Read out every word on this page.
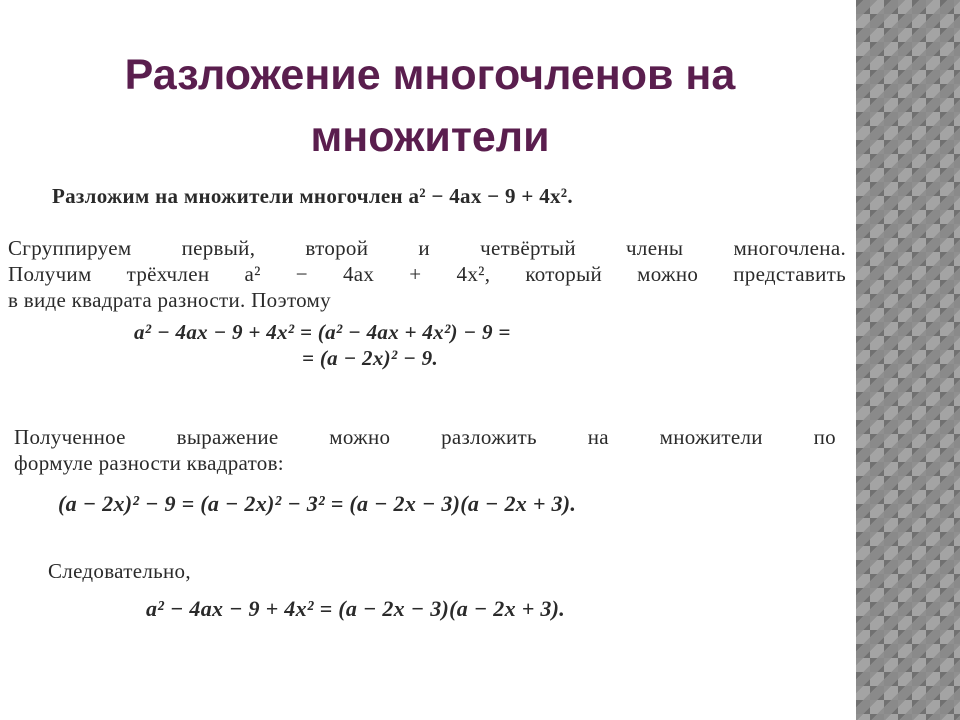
Разложение многочленов на
множители
Разложим на множители многочлен a² − 4ax − 9 + 4x².
Сгруппируем первый, второй и четвёртый члены многочлена.
Получим трёхчлен a² − 4ax + 4x², который можно представить
в виде квадрата разности. Поэтому
a² − 4ax − 9 + 4x² = (a² − 4ax + 4x²) − 9 =
= (a − 2x)² − 9.
Полученное выражение можно разложить на множители по
формуле разности квадратов:
(a − 2x)² − 9 = (a − 2x)² − 3² = (a − 2x − 3)(a − 2x + 3).
Следовательно,
a² − 4ax − 9 + 4x² = (a − 2x − 3)(a − 2x + 3).
